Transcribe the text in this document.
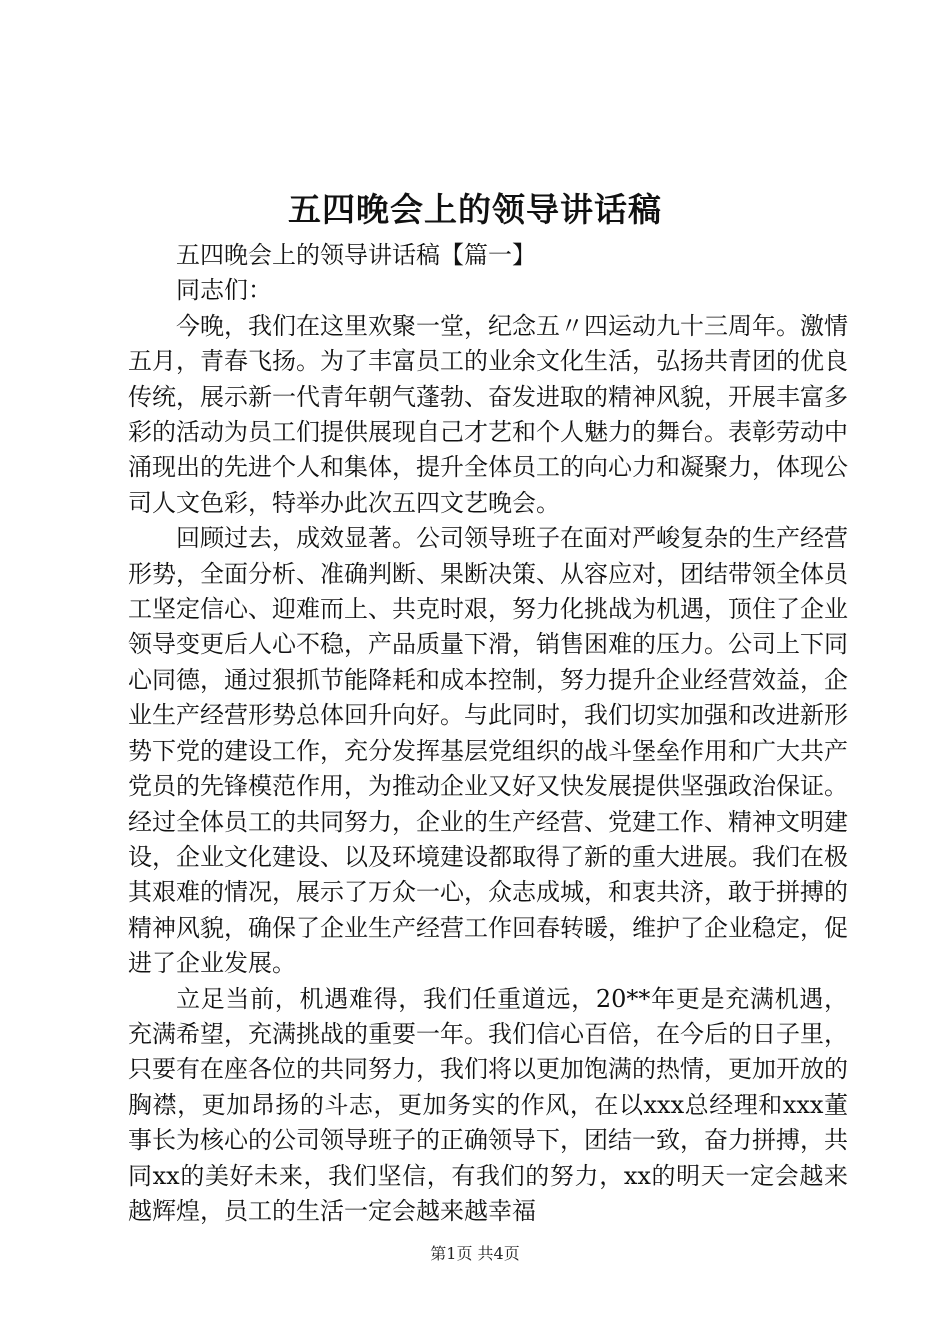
五四晚会上的领导讲话稿

五四晚会上的领导讲话稿【篇一】

同志们：

今晚，我们在这里欢聚一堂，纪念五〃四运动九十三周年。激情五月，青春飞扬。为了丰富员工的业余文化生活，弘扬共青团的优良传统，展示新一代青年朝气蓬勃、奋发进取的精神风貌，开展丰富多彩的活动为员工们提供展现自己才艺和个人魅力的舞台。表彰劳动中涌现出的先进个人和集体，提升全体员工的向心力和凝聚力，体现公司人文色彩，特举办此次五四文艺晚会。

回顾过去，成效显著。公司领导班子在面对严峻复杂的生产经营形势，全面分析、准确判断、果断决策、从容应对，团结带领全体员工坚定信心、迎难而上、共克时艰，努力化挑战为机遇，顶住了企业领导变更后人心不稳，产品质量下滑，销售困难的压力。公司上下同心同德，通过狠抓节能降耗和成本控制，努力提升企业经营效益，企业生产经营形势总体回升向好。与此同时，我们切实加强和改进新形势下党的建设工作，充分发挥基层党组织的战斗堡垒作用和广大共产党员的先锋模范作用，为推动企业又好又快发展提供坚强政治保证。经过全体员工的共同努力，企业的生产经营、党建工作、精神文明建设，企业文化建设、以及环境建设都取得了新的重大进展。我们在极其艰难的情况，展示了万众一心，众志成城，和衷共济，敢于拼搏的精神风貌，确保了企业生产经营工作回春转暖，维护了企业稳定，促进了企业发展。

立足当前，机遇难得，我们任重道远，20**年更是充满机遇，充满希望，充满挑战的重要一年。我们信心百倍，在今后的日子里，只要有在座各位的共同努力，我们将以更加饱满的热情，更加开放的胸襟，更加昂扬的斗志，更加务实的作风，在以xxx总经理和xxx董事长为核心的公司领导班子的正确领导下，团结一致，奋力拼搏，共同xx的美好未来，我们坚信，有我们的努力，xx的明天一定会越来越辉煌，员工的生活一定会越来越幸福

第1页 共4页
